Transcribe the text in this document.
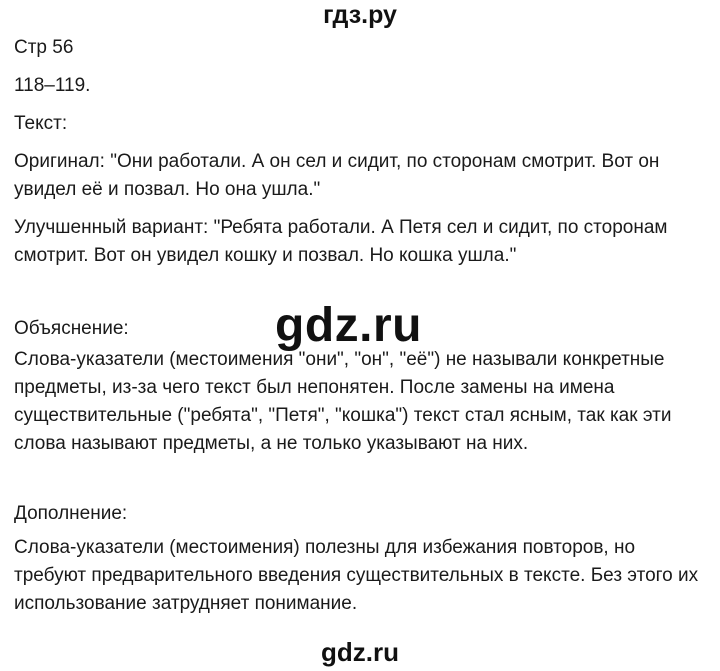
гдз.ру

Стр 56

118–119.

Текст:

Оригинал: "Они работали. А он сел и сидит, по сторонам смотрит. Вот он

увидел её и позвал. Но она ушла."

Улучшенный вариант: "Ребята работали. А Петя сел и сидит, по сторонам

смотрит. Вот он увидел кошку и позвал. Но кошка ушла."

Объяснение:

Слова-указатели (местоимения "они", "он", "её") не называли конкретные

предметы, из-за чего текст был непонятен. После замены на имена

существительные ("ребята", "Петя", "кошка") текст стал ясным, так как эти

слова называют предметы, а не только указывают на них.

Дополнение:

Слова-указатели (местоимения) полезны для избежания повторов, но

требуют предварительного введения существительных в тексте. Без этого их

использование затрудняет понимание.

gdz.ru
gdz.ru
